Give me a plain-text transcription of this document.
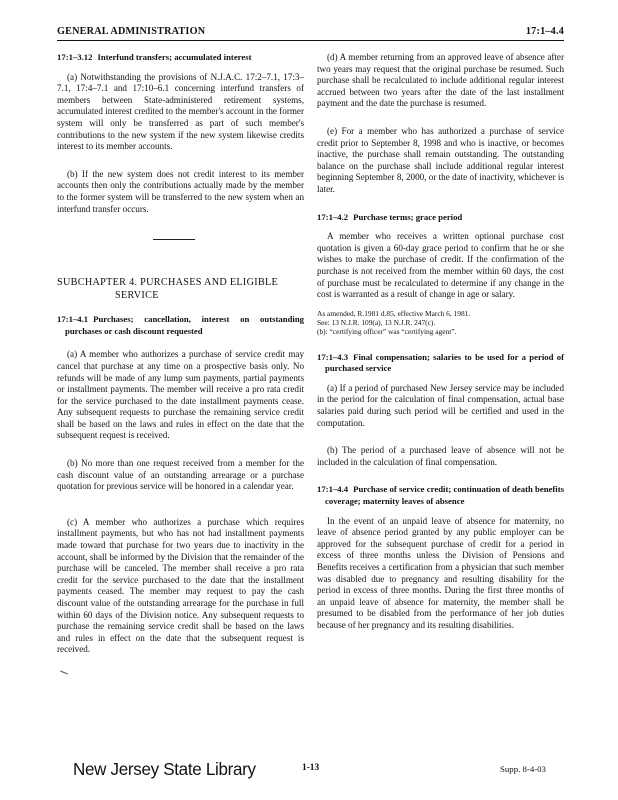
GENERAL ADMINISTRATION	17:1–4.4

17:1–3.12 Interfund transfers; accumulated interest

(a) Notwithstanding the provisions of N.J.A.C. 17:2–7.1, 17:3–7.1, 17:4–7.1 and 17:10–6.1 concerning interfund transfers of members between State-administered retirement systems, accumulated interest credited to the member's account in the former system will only be transferred as part of such member's contributions to the new system if the new system likewise credits interest to its member accounts.

(b) If the new system does not credit interest to its member accounts then only the contributions actually made by the member to the former system will be transferred to the new system when an interfund transfer occurs.

SUBCHAPTER 4. PURCHASES AND ELIGIBLE
SERVICE

17:1–4.1 Purchases; cancellation, interest on outstanding purchases or cash discount requested

(a) A member who authorizes a purchase of service credit may cancel that purchase at any time on a prospective basis only. No refunds will be made of any lump sum payments, partial payments or installment payments. The member will receive a pro rata credit for the service purchased to the date installment payments cease. Any subsequent requests to purchase the remaining service credit shall be based on the laws and rules in effect on the date that the subsequent request is received.

(b) No more than one request received from a member for the cash discount value of an outstanding arrearage or a purchase quotation for previous service will be honored in a calendar year.

(c) A member who authorizes a purchase which requires installment payments, but who has not had installment payments made toward that purchase for two years due to inactivity in the account, shall be informed by the Division that the remainder of the purchase will be canceled. The member shall receive a pro rata credit for the service purchased to the date that the installment payments ceased. The member may request to pay the cash discount value of the outstanding arrearage for the purchase in full within 60 days of the Division notice. Any subsequent requests to purchase the remaining service credit shall be based on the laws and rules in effect on the date that the subsequent request is received.

(d) A member returning from an approved leave of absence after two years may request that the original purchase be resumed. Such purchase shall be recalculated to include additional regular interest accrued between two years after the date of the last installment payment and the date the purchase is resumed.

(e) For a member who has authorized a purchase of service credit prior to September 8, 1998 and who is inactive, or becomes inactive, the purchase shall remain outstanding. The outstanding balance on the purchase shall include additional regular interest beginning September 8, 2000, or the date of inactivity, whichever is later.

17:1–4.2 Purchase terms; grace period

A member who receives a written optional purchase cost quotation is given a 60-day grace period to confirm that he or she wishes to make the purchase of credit. If the confirmation of the purchase is not received from the member within 60 days, the cost of purchase must be recalculated to determine if any change in the cost is warranted as a result of change in age or salary.

As amended, R.1981 d.85, effective March 6, 1981.

See: 13 N.J.R. 109(a), 13 N.J.R. 247(c).

(b): “certifying officer” was “certifying agent”.

17:1–4.3 Final compensation; salaries to be used for a period of purchased service

(a) If a period of purchased New Jersey service may be included in the period for the calculation of final compensation, actual base salaries paid during such period will be certified and used in the computation.

(b) The period of a purchased leave of absence will not be included in the calculation of final compensation.

17:1–4.4 Purchase of service credit; continuation of death benefits coverage; maternity leaves of absence

In the event of an unpaid leave of absence for maternity, no leave of absence period granted by any public employer can be approved for the subsequent purchase of credit for a period in excess of three months unless the Division of Pensions and Benefits receives a certification from a physician that such member was disabled due to pregnancy and resulting disability for the period in excess of three months. During the first three months of an unpaid leave of absence for maternity, the member shall be presumed to be disabled from the performance of her job duties because of her pregnancy and its resulting disabilities.

New Jersey State Library	1-13	Supp. 8-4-03
